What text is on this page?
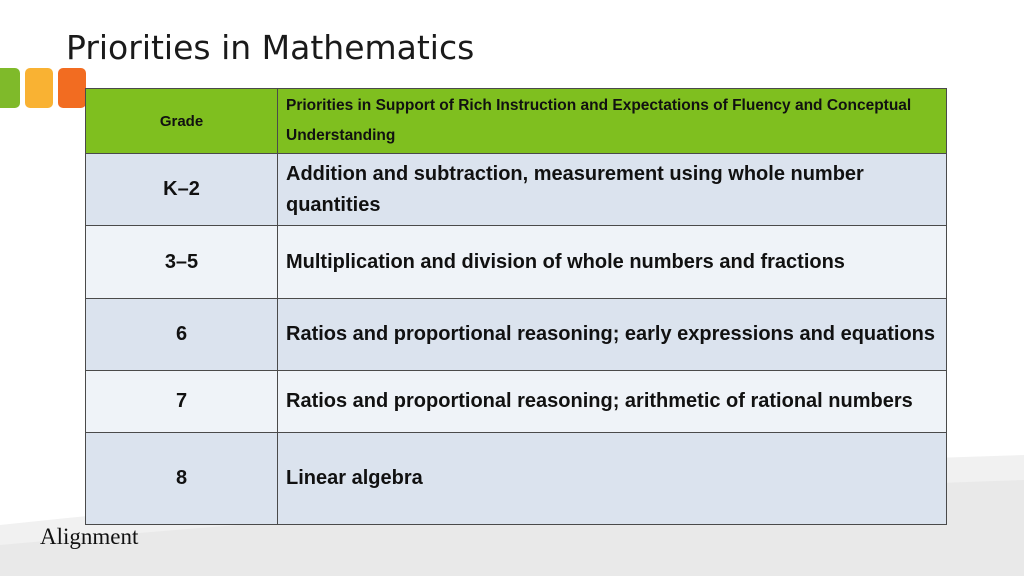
Priorities in Mathematics
Grade	Priorities in Support of Rich Instruction and Expectations of Fluency and Conceptual Understanding
K–2	Addition and subtraction, measurement using whole number quantities
3–5	Multiplication and division of whole numbers and fractions
6	Ratios and proportional reasoning; early expressions and equations
7	Ratios and proportional reasoning; arithmetic of rational numbers
8	Linear algebra
Alignment
